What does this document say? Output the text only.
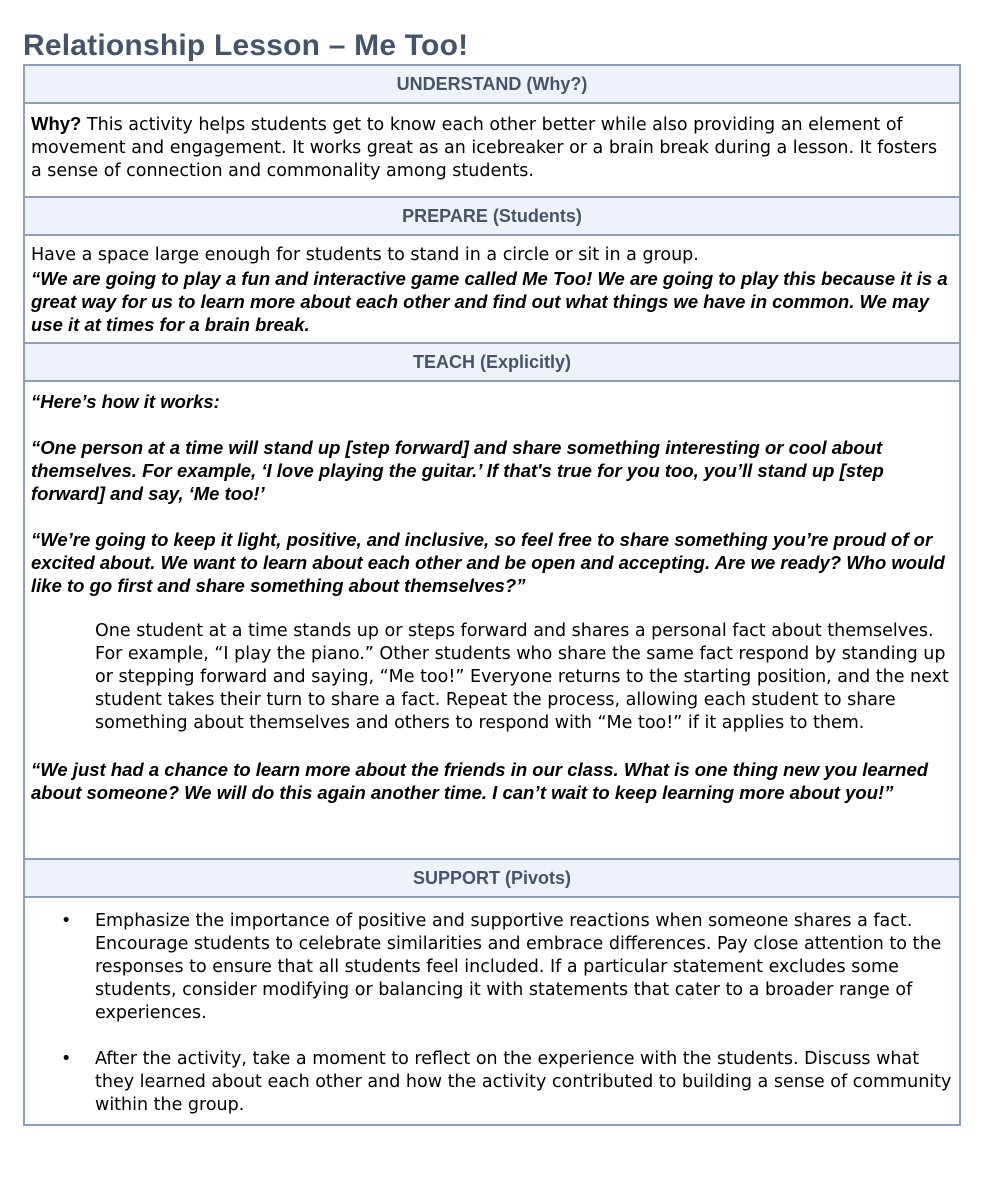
Relationship Lesson – Me Too!
UNDERSTAND (Why?)

Why? This activity helps students get to know each other better while also providing an element of movement and engagement. It works great as an icebreaker or a brain break during a lesson. It fosters a sense of connection and commonality among students.

PREPARE (Students)

Have a space large enough for students to stand in a circle or sit in a group.

“We are going to play a fun and interactive game called Me Too! We are going to play this because it is a great way for us to learn more about each other and find out what things we have in common. We may use it at times for a brain break.

TEACH (Explicitly)

“Here’s how it works:

“One person at a time will stand up [step forward] and share something interesting or cool about themselves. For example, ‘I love playing the guitar.’ If that's true for you too, you’ll stand up [step forward] and say, ‘Me too!’

“We’re going to keep it light, positive, and inclusive, so feel free to share something you’re proud of or excited about. We want to learn about each other and be open and accepting. Are we ready? Who would like to go first and share something about themselves?”

One student at a time stands up or steps forward and shares a personal fact about themselves. For example, “I play the piano.” Other students who share the same fact respond by standing up or stepping forward and saying, “Me too!” Everyone returns to the starting position, and the next student takes their turn to share a fact. Repeat the process, allowing each student to share something about themselves and others to respond with “Me too!” if it applies to them.

“We just had a chance to learn more about the friends in our class. What is one thing new you learned about someone? We will do this again another time. I can’t wait to keep learning more about you!”

SUPPORT (Pivots)

• Emphasize the importance of positive and supportive reactions when someone shares a fact. Encourage students to celebrate similarities and embrace differences. Pay close attention to the responses to ensure that all students feel included. If a particular statement excludes some students, consider modifying or balancing it with statements that cater to a broader range of experiences.
• After the activity, take a moment to reflect on the experience with the students. Discuss what they learned about each other and how the activity contributed to building a sense of community within the group.
